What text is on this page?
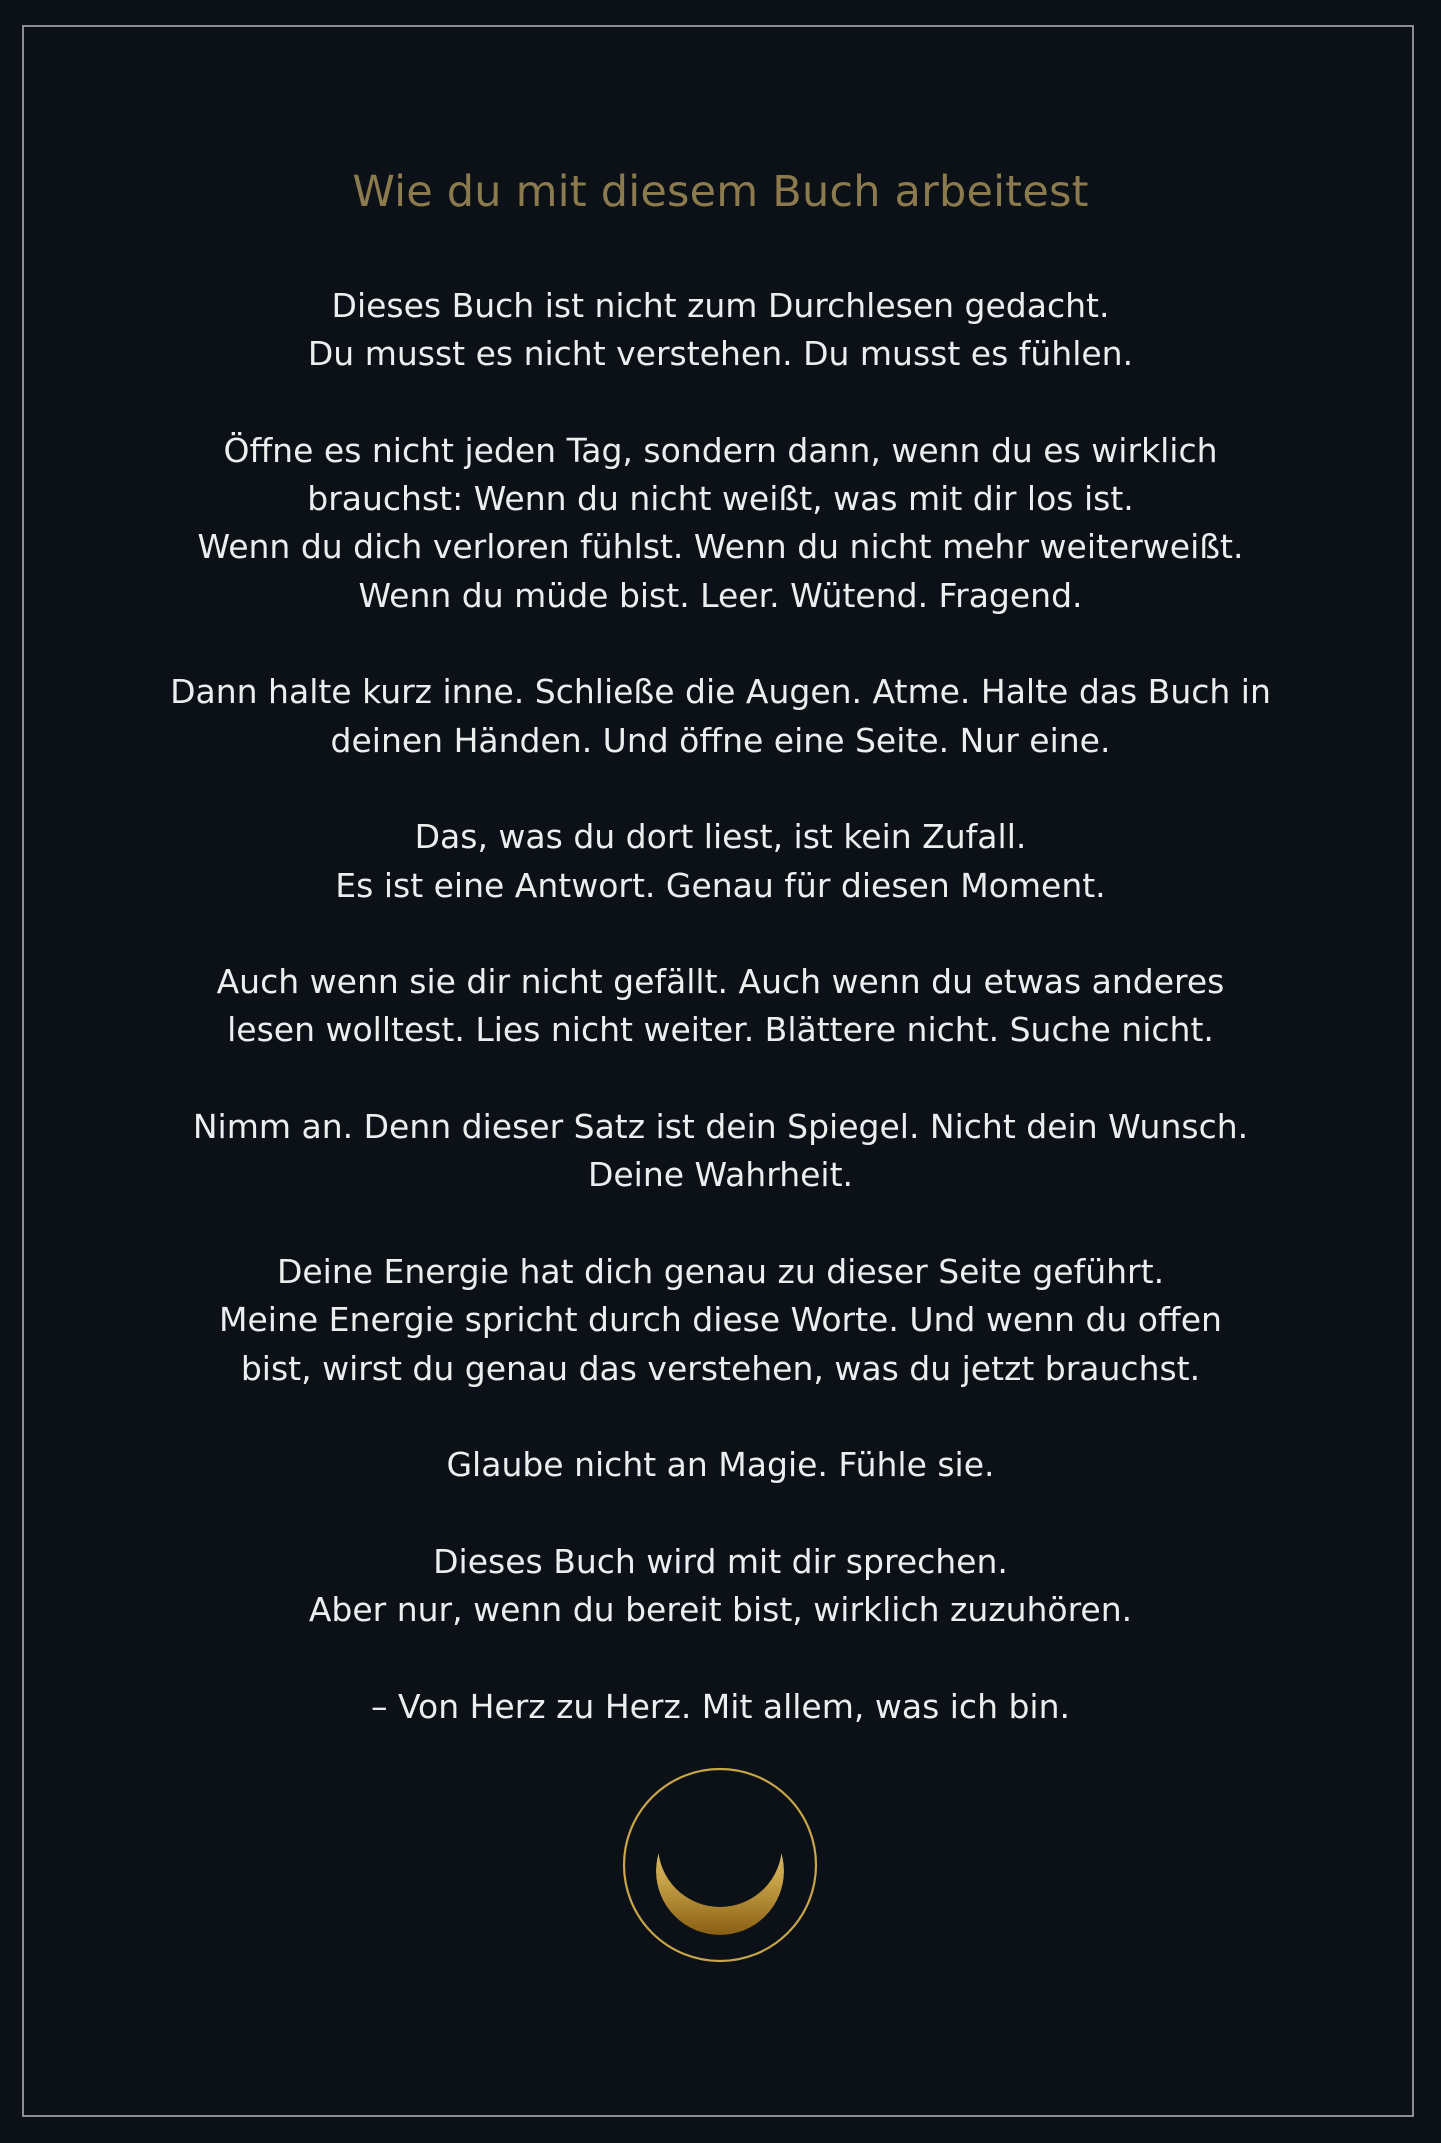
Wie du mit diesem Buch arbeitest
Dieses Buch ist nicht zum Durchlesen gedacht.
Du musst es nicht verstehen. Du musst es fühlen.
Öffne es nicht jeden Tag, sondern dann, wenn du es wirklich
brauchst: Wenn du nicht weißt, was mit dir los ist.
Wenn du dich verloren fühlst. Wenn du nicht mehr weiterweißt.
Wenn du müde bist. Leer. Wütend. Fragend.
Dann halte kurz inne. Schließe die Augen. Atme. Halte das Buch in
deinen Händen. Und öffne eine Seite. Nur eine.
Das, was du dort liest, ist kein Zufall.
Es ist eine Antwort. Genau für diesen Moment.
Auch wenn sie dir nicht gefällt. Auch wenn du etwas anderes
lesen wolltest. Lies nicht weiter. Blättere nicht. Suche nicht.
Nimm an. Denn dieser Satz ist dein Spiegel. Nicht dein Wunsch.
Deine Wahrheit.
Deine Energie hat dich genau zu dieser Seite geführt.
Meine Energie spricht durch diese Worte. Und wenn du offen
bist, wirst du genau das verstehen, was du jetzt brauchst.
Glaube nicht an Magie. Fühle sie.
Dieses Buch wird mit dir sprechen.
Aber nur, wenn du bereit bist, wirklich zuzuhören.
– Von Herz zu Herz. Mit allem, was ich bin.
